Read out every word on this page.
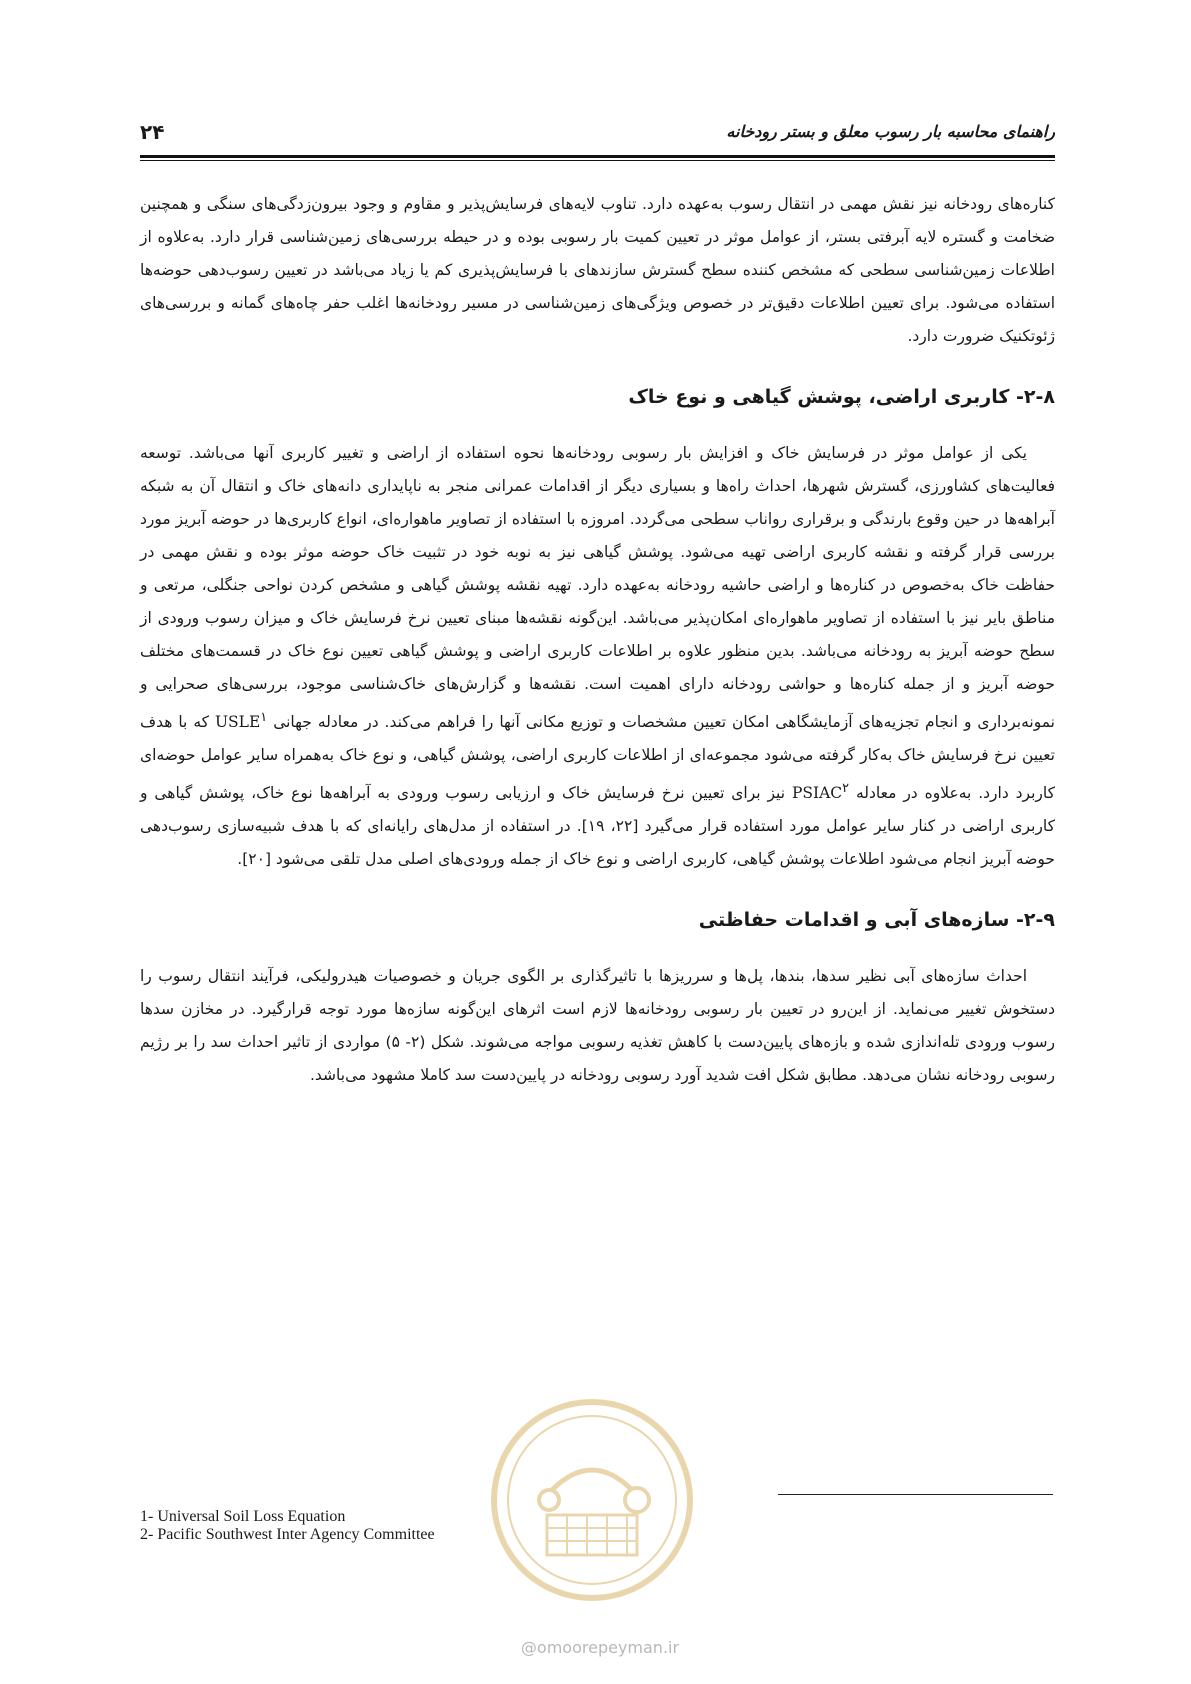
راهنمای محاسبه بار رسوب معلق و بستر رودخانه
۲۴

کناره‌های رودخانه نیز نقش مهمی در انتقال رسوب به‌عهده دارد. تناوب لایه‌های فرسایش‌پذیر و مقاوم و وجود بیرون‌زدگی‌های سنگی و همچنین ضخامت و گستره لایه آبرفتی بستر، از عوامل موثر در تعیین کمیت بار رسوبی بوده و در حیطه بررسی‌های زمین‌شناسی قرار دارد. به‌علاوه از اطلاعات زمین‌شناسی سطحی که مشخص کننده سطح گسترش سازندهای با فرسایش‌پذیری کم یا زیاد می‌باشد در تعیین رسوب‌دهی حوضه‌ها استفاده می‌شود. برای تعیین اطلاعات دقیق‌تر در خصوص ویژگی‌های زمین‌شناسی در مسیر رودخانه‌ها اغلب حفر چاه‌های گمانه و بررسی‌های ژئوتکنیک ضرورت دارد.

۲-۸- کاربری اراضی، پوشش گیاهی و نوع خاک

یکی از عوامل موثر در فرسایش خاک و افزایش بار رسوبی رودخانه‌ها نحوه استفاده از اراضی و تغییر کاربری آنها می‌باشد. توسعه فعالیت‌های کشاورزی، گسترش شهرها، احداث راه‌ها و بسیاری دیگر از اقدامات عمرانی منجر به ناپایداری دانه‌های خاک و انتقال آن به شبکه آبراهه‌ها در حین وقوع بارندگی و برقراری رواناب سطحی می‌گردد. امروزه با استفاده از تصاویر ماهواره‌ای، انواع کاربری‌ها در حوضه آبریز مورد بررسی قرار گرفته و نقشه کاربری اراضی تهیه می‌شود. پوشش گیاهی نیز به نوبه خود در تثبیت خاک حوضه موثر بوده و نقش مهمی در حفاظت خاک به‌خصوص در کناره‌ها و اراضی حاشیه رودخانه به‌عهده دارد. تهیه نقشه پوشش گیاهی و مشخص کردن نواحی جنگلی، مرتعی و مناطق بایر نیز با استفاده از تصاویر ماهواره‌ای امکان‌پذیر می‌باشد. این‌گونه نقشه‌ها مبنای تعیین نرخ فرسایش خاک و میزان رسوب ورودی از سطح حوضه آبریز به رودخانه می‌باشد. بدین منظور علاوه بر اطلاعات کاربری اراضی و پوشش گیاهی تعیین نوع خاک در قسمت‌های مختلف حوضه آبریز و از جمله کناره‌ها و حواشی رودخانه دارای اهمیت است. نقشه‌ها و گزارش‌های خاک‌شناسی موجود، بررسی‌های صحرایی و نمونه‌برداری و انجام تجزیه‌های آزمایشگاهی امکان تعیین مشخصات و توزیع مکانی آنها را فراهم می‌کند. در معادله جهانی USLE$^۱$ که با هدف تعیین نرخ فرسایش خاک به‌کار گرفته می‌شود مجموعه‌ای از اطلاعات کاربری اراضی، پوشش گیاهی، و نوع خاک به‌همراه سایر عوامل حوضه‌ای کاربرد دارد. به‌علاوه در معادله PSIAC$^۲$ نیز برای تعیین نرخ فرسایش خاک و ارزیابی رسوب ورودی به آبراهه‌ها نوع خاک، پوشش گیاهی و کاربری اراضی در کنار سایر عوامل مورد استفاده قرار می‌گیرد [۲۲، ۱۹]. در استفاده از مدل‌های رایانه‌ای که با هدف شبیه‌سازی رسوب‌دهی حوضه آبریز انجام می‌شود اطلاعات پوشش گیاهی، کاربری اراضی و نوع خاک از جمله ورودی‌های اصلی مدل تلقی می‌شود [۲۰].

۲-۹- سازه‌های آبی و اقدامات حفاظتی

احداث سازه‌های آبی نظیر سدها، بندها، پل‌ها و سرریزها با تاثیرگذاری بر الگوی جریان و خصوصیات هیدرولیکی، فرآیند انتقال رسوب را دستخوش تغییر می‌نماید. از این‌رو در تعیین بار رسوبی رودخانه‌ها لازم است اثرهای این‌گونه سازه‌ها مورد توجه قرارگیرد. در مخازن سدها رسوب ورودی تله‌اندازی شده و بازه‌های پایین‌دست با کاهش تغذیه رسوبی مواجه می‌شوند. شکل (۲- ۵) مواردی از تاثیر احداث سد را بر رژیم رسوبی رودخانه نشان می‌دهد. مطابق شکل افت شدید آورد رسوبی رودخانه در پایین‌دست سد کاملا مشهود می‌باشد.

1- Universal Soil Loss Equation
2- Pacific Southwest Inter Agency Committee
@omoorepeyman.ir
